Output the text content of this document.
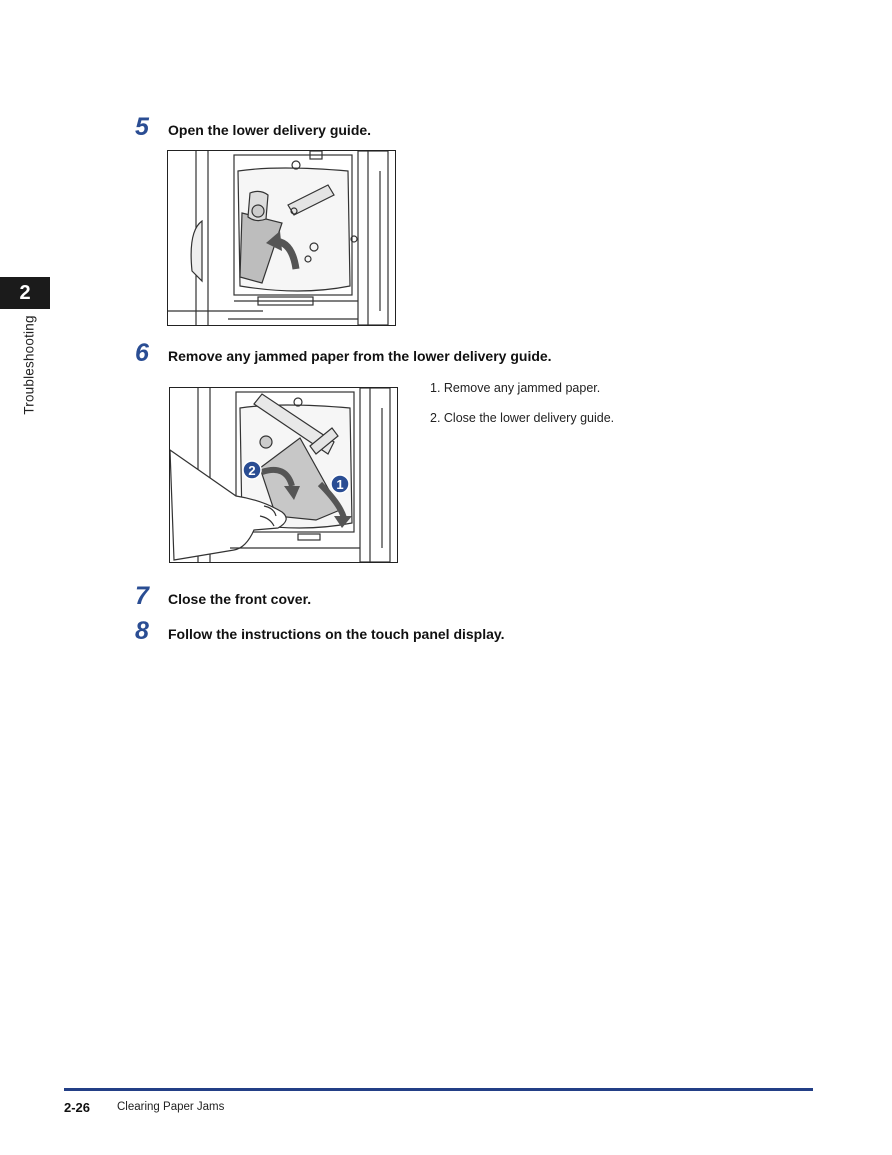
2
Troubleshooting
5	Open the lower delivery guide.
6	Remove any jammed paper from the lower delivery guide.
2
1
1. Remove any jammed paper.
2. Close the lower delivery guide.
7	Close the front cover.
8	Follow the instructions on the touch panel display.
2-26 Clearing Paper Jams
